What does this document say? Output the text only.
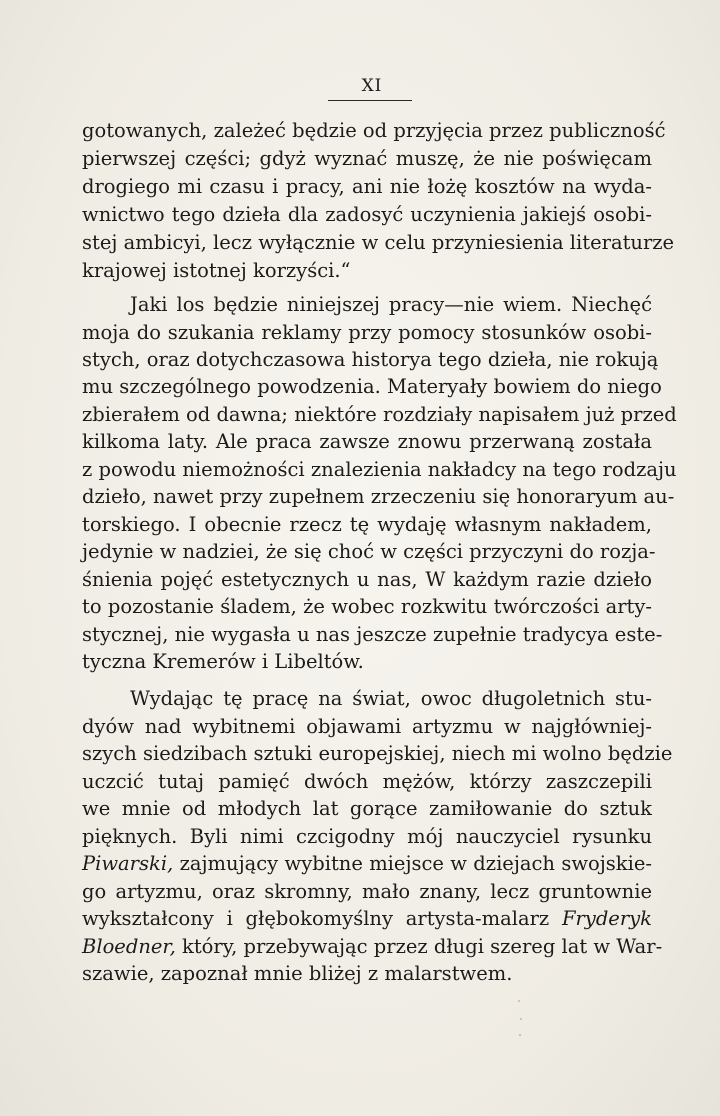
XI
gotowanych, zależeć będzie od przyjęcia przez publiczność
pierwszej części; gdyż wyznać muszę, że nie poświęcam
drogiego mi czasu i pracy, ani nie łożę kosztów na wyda-
wnictwo tego dzieła dla zadosyć uczynienia jakiejś osobi-
stej ambicyi, lecz wyłącznie w celu przyniesienia literaturze
krajowej istotnej korzyści.“
Jaki los będzie niniejszej pracy—nie wiem. Niechęć
moja do szukania reklamy przy pomocy stosunków osobi-
stych, oraz dotychczasowa historya tego dzieła, nie rokują
mu szczególnego powodzenia. Materyały bowiem do niego
zbierałem od dawna; niektóre rozdziały napisałem już przed
kilkoma laty. Ale praca zawsze znowu przerwaną została
z powodu niemożności znalezienia nakładcy na tego rodzaju
dzieło, nawet przy zupełnem zrzeczeniu się honoraryum au-
torskiego. I obecnie rzecz tę wydaję własnym nakładem,
jedynie w nadziei, że się choć w części przyczyni do rozja-
śnienia pojęć estetycznych u nas, W każdym razie dzieło
to pozostanie śladem, że wobec rozkwitu twórczości arty-
stycznej, nie wygasła u nas jeszcze zupełnie tradycya este-
tyczna Kremerów i Libeltów.
Wydając tę pracę na świat, owoc długoletnich stu-
dyów nad wybitnemi objawami artyzmu w najgłówniej-
szych siedzibach sztuki europejskiej, niech mi wolno będzie
uczcić tutaj pamięć dwóch mężów, którzy zaszczepili
we mnie od młodych lat gorące zamiłowanie do sztuk
pięknych. Byli nimi czcigodny mój nauczyciel rysunku
Piwarski, zajmujący wybitne miejsce w dziejach swojskie-
go artyzmu, oraz skromny, mało znany, lecz gruntownie
wykształcony i głębokomyślny artysta-malarz Fryderyk
Bloedner, który, przebywając przez długi szereg lat w War-
szawie, zapoznał mnie bliżej z malarstwem.
